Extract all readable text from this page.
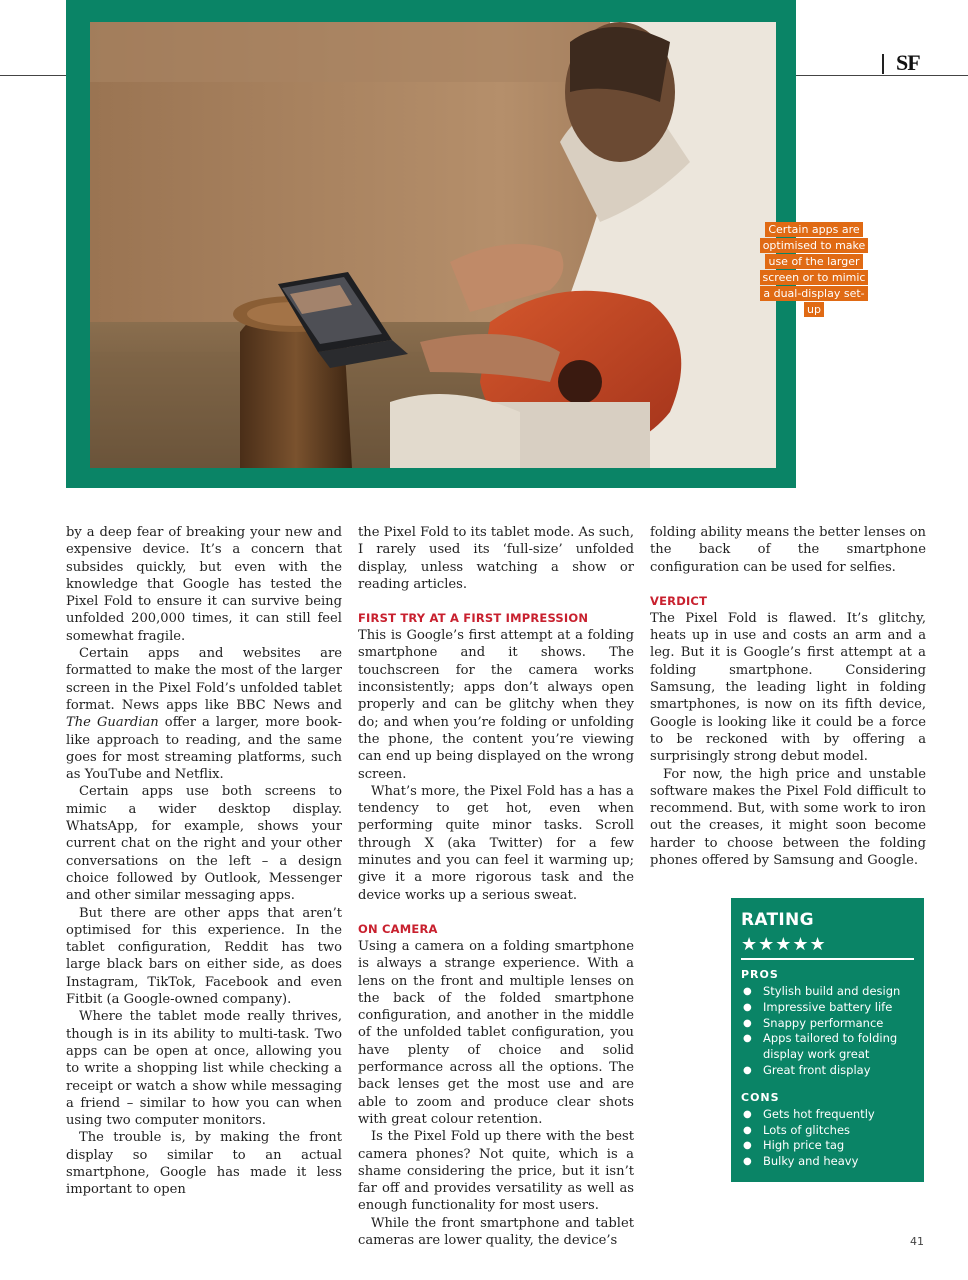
SF
Certain apps are optimised to make use of the larger screen or to mimic a dual-display set-up

by a deep fear of breaking your new and expensive device. It’s a concern that subsides quickly, but even with the knowledge that Google has tested the Pixel Fold to ensure it can survive being unfolded 200,000 times, it can still feel somewhat fragile.

Certain apps and websites are formatted to make the most of the larger screen in the Pixel Fold’s unfolded tablet format. News apps like BBC News and The Guardian offer a larger, more book-like approach to reading, and the same goes for most streaming platforms, such as YouTube and Netflix.

Certain apps use both screens to mimic a wider desktop display. WhatsApp, for example, shows your current chat on the right and your other conversations on the left – a design choice followed by Outlook, Messenger and other similar messaging apps.

But there are other apps that aren’t optimised for this experience. In the tablet configuration, Reddit has two large black bars on either side, as does Instagram, TikTok, Facebook and even Fitbit (a Google-owned company).

Where the tablet mode really thrives, though is in its ability to multi-task. Two apps can be open at once, allowing you to write a shopping list while checking a receipt or watch a show while messaging a friend – similar to how you can when using two computer monitors.

The trouble is, by making the front display so similar to an actual smartphone, Google has made it less important to open

the Pixel Fold to its tablet mode. As such, I rarely used its ‘full-size’ unfolded display, unless watching a show or reading articles.

FIRST TRY AT A FIRST IMPRESSION

This is Google’s first attempt at a folding smartphone and it shows. The touchscreen for the camera works inconsistently; apps don’t always open properly and can be glitchy when they do; and when you’re folding or unfolding the phone, the content you’re viewing can end up being displayed on the wrong screen.

What’s more, the Pixel Fold has a has a tendency to get hot, even when performing quite minor tasks. Scroll through X (aka Twitter) for a few minutes and you can feel it warming up; give it a more rigorous task and the device works up a serious sweat.

ON CAMERA

Using a camera on a folding smartphone is always a strange experience. With a lens on the front and multiple lenses on the back of the folded smartphone configuration, and another in the middle of the unfolded tablet configuration, you have plenty of choice and solid performance across all the options. The back lenses get the most use and are able to zoom and produce clear shots with great colour retention.

Is the Pixel Fold up there with the best camera phones? Not quite, which is a shame considering the price, but it isn’t far off and provides versatility as well as enough functionality for most users.

While the front smartphone and tablet cameras are lower quality, the device’s

folding ability means the better lenses on the back of the smartphone configuration can be used for selfies.

VERDICT

The Pixel Fold is flawed. It’s glitchy, heats up in use and costs an arm and a leg. But it is Google’s first attempt at a folding smartphone. Considering Samsung, the leading light in folding smartphones, is now on its fifth device, Google is looking like it could be a force to be reckoned with by offering a surprisingly strong debut model.

For now, the high price and unstable software makes the Pixel Fold difficult to recommend. But, with some work to iron out the creases, it might soon become harder to choose between the folding phones offered by Samsung and Google.

RATING
★★★★★
PROS
● Stylish build and design
● Impressive battery life
● Snappy performance
● Apps tailored to folding display work great
● Great front display
CONS
● Gets hot frequently
● Lots of glitches
● High price tag
● Bulky and heavy
41
